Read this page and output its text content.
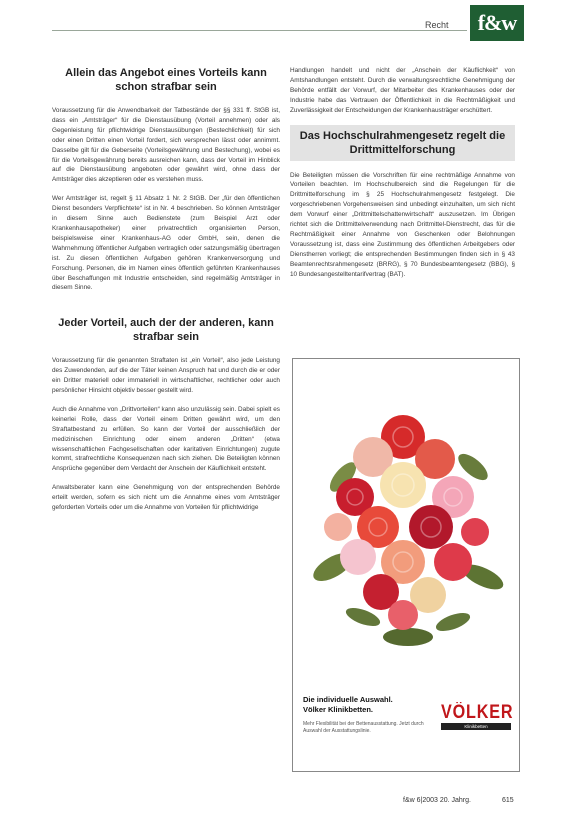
Recht	f&w
Allein das Angebot eines Vorteils kann schon strafbar sein

Voraussetzung für die Anwendbarkeit der Tatbestände der §§ 331 ff. StGB ist, dass ein „Amtsträger“ für die Dienstausübung (Vorteil annehmen) oder als Gegenleistung für pflichtwidrige Dienstausübungen (Bestechlichkeit) für sich oder einen Dritten einen Vorteil fordert, sich versprechen lässt oder annimmt. Dasselbe gilt für die Geberseite (Vorteilsgewährung und Bestechung), wobei es für die Vorteilsgewährung bereits ausreichen kann, dass der Vorteil im Hinblick auf die Dienstausübung angeboten oder gewährt wird, ohne dass der Amtsträger dies akzeptieren oder es verstehen muss.

Wer Amtsträger ist, regelt § 11 Absatz 1 Nr. 2 StGB. Der „für den öffentlichen Dienst besonders Verpflichtete“ ist in Nr. 4 beschrieben. So können Amtsträger in diesem Sinne auch Bedienstete (zum Beispiel Arzt oder Krankenhausapotheker) einer privatrechtlich organisierten Person, beispielsweise einer Krankenhaus-AG oder GmbH, sein, denen die Wahrnehmung öffentlicher Aufgaben vertraglich oder satzungsmäßig übertragen ist. Zu diesen öffentlichen Aufgaben gehören Krankenversorgung und Forschung. Personen, die im Namen eines öffentlich geführten Krankenhauses über Beschaffungen mit Industrie entscheiden, sind regelmäßig Amtsträger in diesem Sinne.

Jeder Vorteil, auch der der anderen, kann strafbar sein

Voraussetzung für die genannten Straftaten ist „ein Vorteil“, also jede Leistung des Zuwendenden, auf die der Täter keinen Anspruch hat und durch die er oder ein Dritter materiell oder immateriell in wirtschaftlicher, rechtlicher oder auch persönlicher Hinsicht objektiv besser gestellt wird.

Auch die Annahme von „Drittvorteilen“ kann also unzulässig sein. Dabei spielt es keinerlei Rolle, dass der Vorteil einem Dritten gewährt wird, um den Straftatbestand zu erfüllen. So kann der Vorteil der ausschließlich der medizinischen Einrichtung oder einem anderen „Dritten“ (etwa wissenschaftlichen Fachgesellschaften oder karitativen Einrichtungen) zugute kommt, strafrechtliche Konsequenzen nach sich ziehen. Die Beteiligten können Ansprüche gegenüber dem Verdacht der Anschein der Käuflichkeit entsteht.

Anwaltsberater kann eine Genehmigung von der entsprechenden Behörde erteilt werden, sofern es sich nicht um die Annahme eines vom Amtsträger geforderten Vorteils oder um die Annahme von Vorteilen für pflichtwidrige

Handlungen handelt und nicht der „Anschein der Käuflichkeit“ von Amtshandlungen entsteht. Durch die verwaltungsrechtliche Genehmigung der Behörde entfällt der Vorwurf, der Mitarbeiter des Krankenhauses oder der Industrie habe das Vertrauen der Öffentlichkeit in die Rechtmäßigkeit und Zuverlässigkeit der Entscheidungen der Krankenhausträger erschüttert.

Das Hochschulrahmengesetz regelt die Drittmittelforschung

Die Beteiligten müssen die Vorschriften für eine rechtmäßige Annahme von Vorteilen beachten. Im Hochschulbereich sind die Regelungen für die Drittmittelforschung im § 25 Hochschulrahmengesetz festgelegt. Die vorgeschriebenen Vorgehensweisen sind unbedingt einzuhalten, um sich nicht dem Vorwurf einer „Drittmittelschattenwirtschaft“ auszusetzen. Im Übrigen richtet sich die Drittmittelverwendung nach Drittmittel-Dienstrecht, das für die Rechtmäßigkeit einer Annahme von Geschenken oder Belohnungen Voraussetzung ist, dass eine Zustimmung des öffentlichen Arbeitgebers oder Dienstherren vorliegt; die entsprechenden Bestimmungen finden sich in § 43 Beamtenrechtsrahmengesetz (BRRG), § 70 Bundesbeamtengesetz (BBG), § 10 Bundesangestelltentarifvertrag (BAT).

Die individuelle Auswahl.
Völker Klinikbetten.
Mehr Flexibilität bei der Bettenausstattung. Jetzt durch Auswahl der Ausstattungslinie.
VÖLKER
Klinikbetten
f&w 6|2003 20. Jahrg.	615
